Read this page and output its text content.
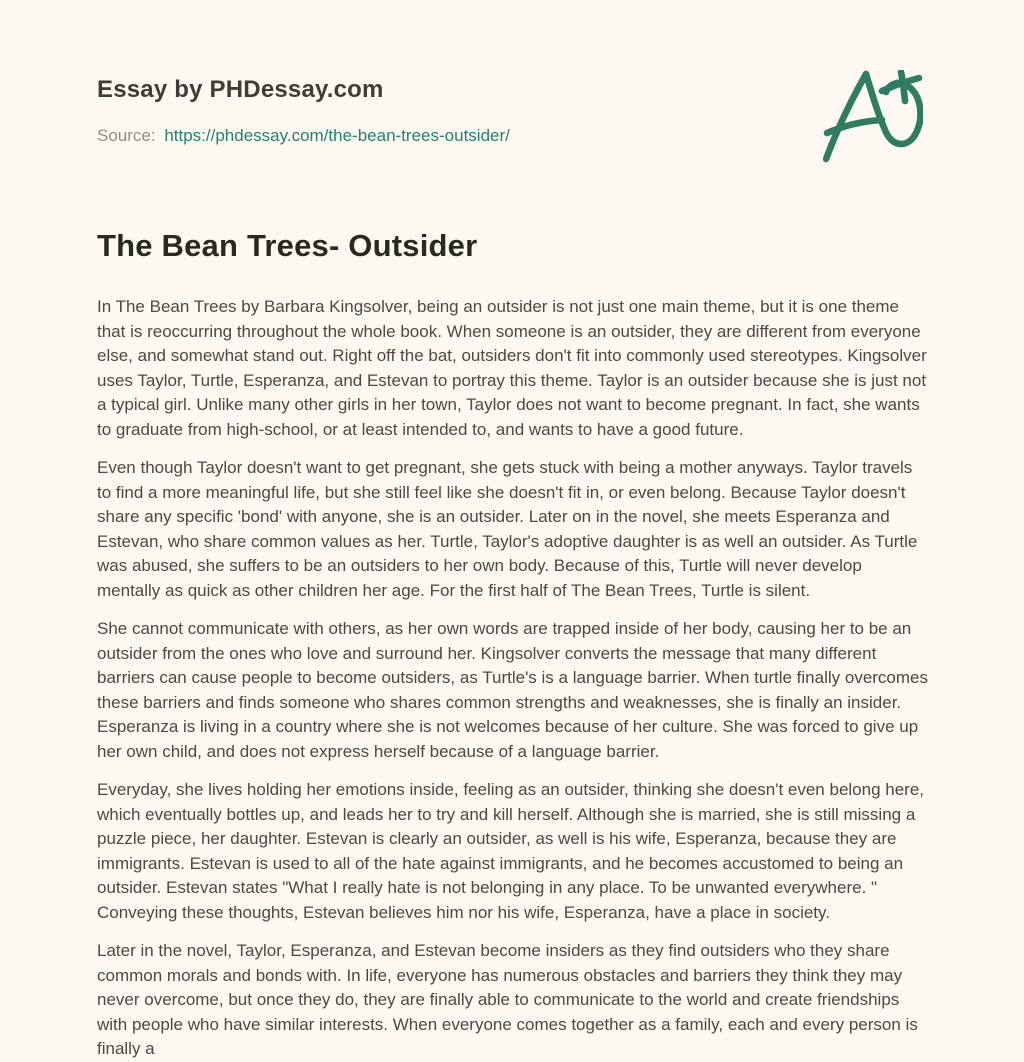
Essay by PHDessay.com

Source: https://phdessay.com/the-bean-trees-outsider/

The Bean Trees- Outsider

In The Bean Trees by Barbara Kingsolver, being an outsider is not just one main theme, but it is one theme that is reoccurring throughout the whole book. When someone is an outsider, they are different from everyone else, and somewhat stand out. Right off the bat, outsiders don't fit into commonly used stereotypes. Kingsolver uses Taylor, Turtle, Esperanza, and Estevan to portray this theme. Taylor is an outsider because she is just not a typical girl. Unlike many other girls in her town, Taylor does not want to become pregnant. In fact, she wants to graduate from high-school, or at least intended to, and wants to have a good future.

Even though Taylor doesn't want to get pregnant, she gets stuck with being a mother anyways. Taylor travels to find a more meaningful life, but she still feel like she doesn't fit in, or even belong. Because Taylor doesn't share any specific 'bond' with anyone, she is an outsider. Later on in the novel, she meets Esperanza and Estevan, who share common values as her. Turtle, Taylor's adoptive daughter is as well an outsider. As Turtle was abused, she suffers to be an outsiders to her own body. Because of this, Turtle will never develop mentally as quick as other children her age. For the first half of The Bean Trees, Turtle is silent.

She cannot communicate with others, as her own words are trapped inside of her body, causing her to be an outsider from the ones who love and surround her. Kingsolver converts the message that many different barriers can cause people to become outsiders, as Turtle's is a language barrier. When turtle finally overcomes these barriers and finds someone who shares common strengths and weaknesses, she is finally an insider. Esperanza is living in a country where she is not welcomes because of her culture. She was forced to give up her own child, and does not express herself because of a language barrier.

Everyday, she lives holding her emotions inside, feeling as an outsider, thinking she doesn't even belong here, which eventually bottles up, and leads her to try and kill herself. Although she is married, she is still missing a puzzle piece, her daughter. Estevan is clearly an outsider, as well is his wife, Esperanza, because they are immigrants. Estevan is used to all of the hate against immigrants, and he becomes accustomed to being an outsider. Estevan states "What I really hate is not belonging in any place. To be unwanted everywhere. " Conveying these thoughts, Estevan believes him nor his wife, Esperanza, have a place in society.

Later in the novel, Taylor, Esperanza, and Estevan become insiders as they find outsiders who they share common morals and bonds with. In life, everyone has numerous obstacles and barriers they think they may never overcome, but once they do, they are finally able to communicate to the world and create friendships with people who have similar interests. When everyone comes together as a family, each and every person is finally a
